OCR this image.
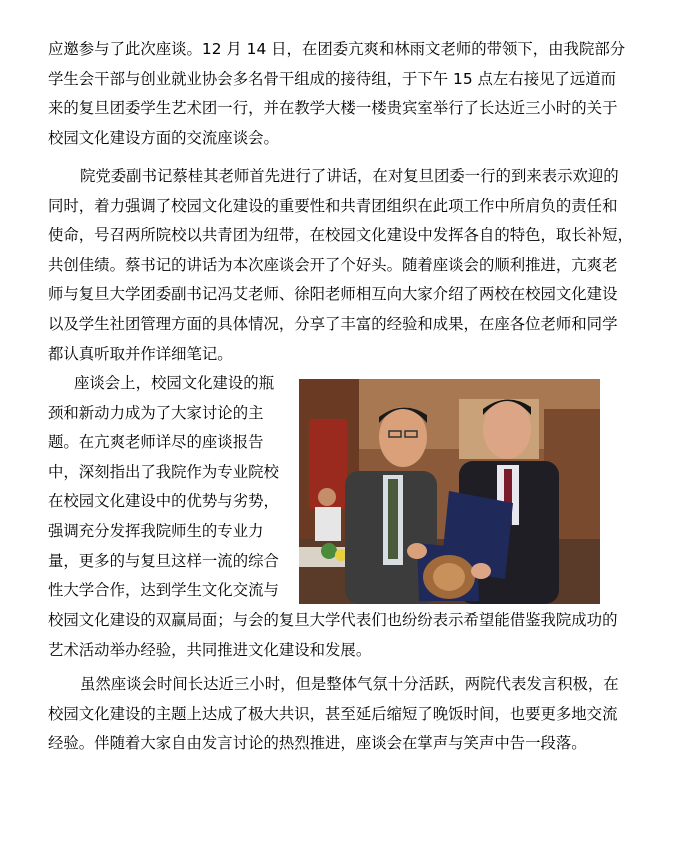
应邀参与了此次座谈。12 月 14 日，在团委亢爽和林雨文老师的带领下，由我院部分
学生会干部与创业就业协会多名骨干组成的接待组，于下午 15 点左右接见了远道而
来的复旦团委学生艺术团一行，并在教学大楼一楼贵宾室举行了长达近三小时的关于
校园文化建设方面的交流座谈会。
院党委副书记蔡桂其老师首先进行了讲话，在对复旦团委一行的到来表示欢迎的
同时，着力强调了校园文化建设的重要性和共青团组织在此项工作中所肩负的责任和
使命，号召两所院校以共青团为纽带，在校园文化建设中发挥各自的特色，取长补短，
共创佳绩。蔡书记的讲话为本次座谈会开了个好头。随着座谈会的顺利推进，亢爽老
师与复旦大学团委副书记冯艾老师、徐阳老师相互向大家介绍了两校在校园文化建设
以及学生社团管理方面的具体情况，分享了丰富的经验和成果，在座各位老师和同学
都认真听取并作详细笔记。
座谈会上，校园文化建设的瓶
颈和新动力成为了大家讨论的主
题。在亢爽老师详尽的座谈报告
中，深刻指出了我院作为专业院校
在校园文化建设中的优势与劣势，
强调充分发挥我院师生的专业力
量，更多的与复旦这样一流的综合
性大学合作，达到学生文化交流与
校园文化建设的双赢局面；与会的复旦大学代表们也纷纷表示希望能借鉴我院成功的
艺术活动举办经验，共同推进文化建设和发展。
虽然座谈会时间长达近三小时，但是整体气氛十分活跃，两院代表发言积极，在
校园文化建设的主题上达成了极大共识，甚至延后缩短了晚饭时间，也要更多地交流
经验。伴随着大家自由发言讨论的热烈推进，座谈会在掌声与笑声中告一段落。
